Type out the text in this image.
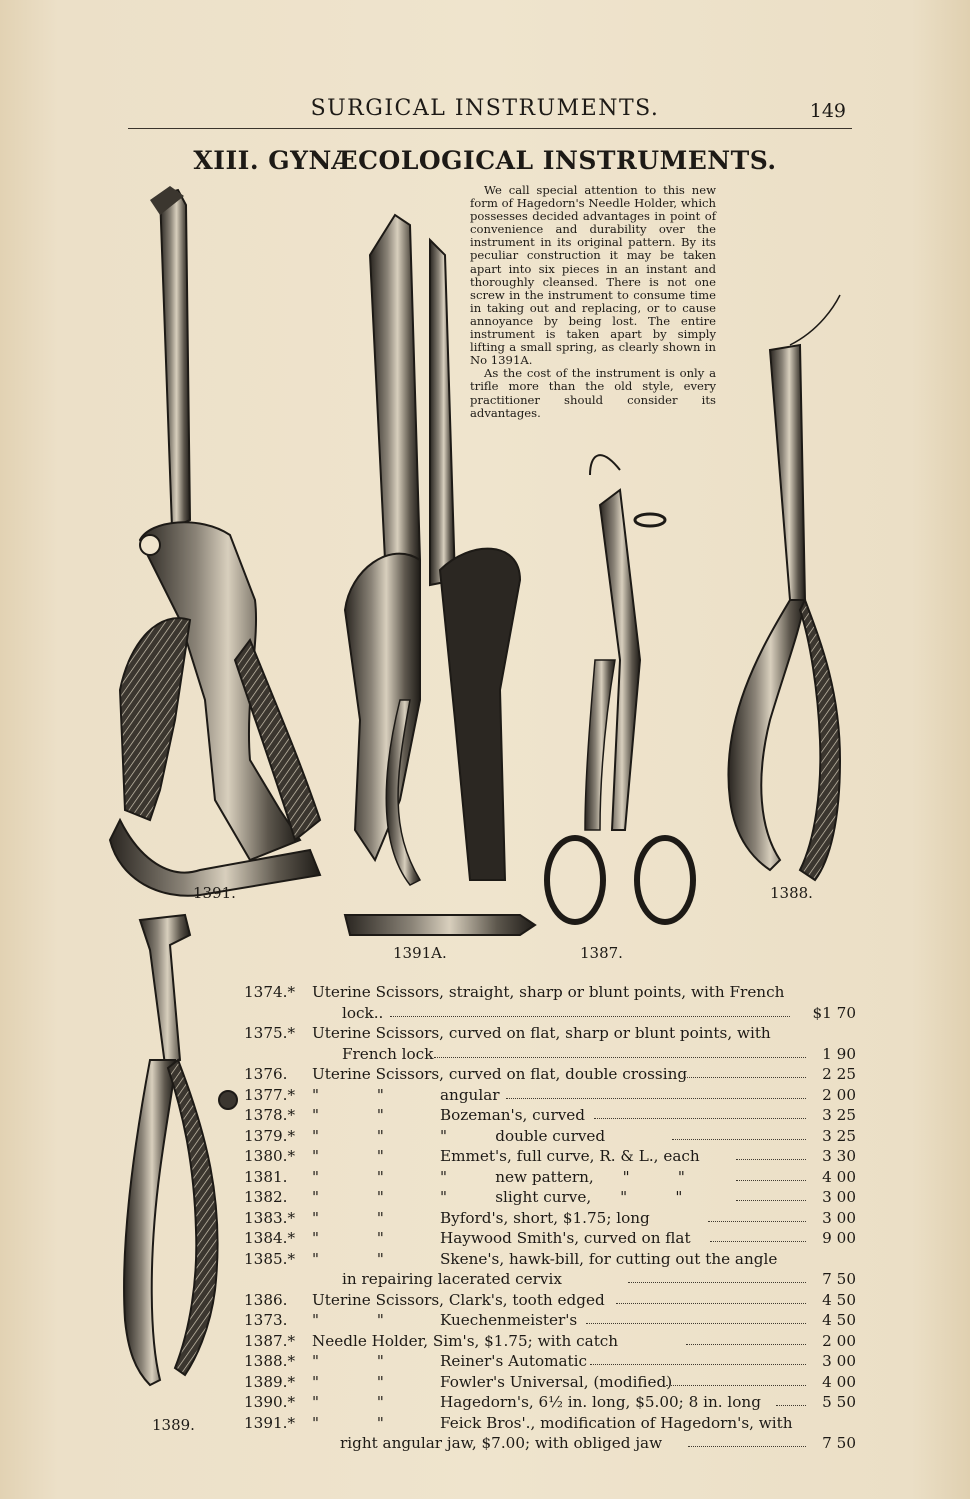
SURGICAL INSTRUMENTS.	149
XIII. GYNÆCOLOGICAL INSTRUMENTS.

We call special attention to this new form of Hagedorn's Needle Holder, which possesses decided advantages in point of convenience and durability over the instrument in its original pattern. By its peculiar construction it may be taken apart into six pieces in an instant and thoroughly cleansed. There is not one screw in the instrument to consume time in taking out and replacing, or to cause annoyance by being lost. The entire instrument is taken apart by simply lifting a small spring, as clearly shown in No 1391A.

As the cost of the instrument is only a trifle more than the old style, every practitioner should consider its advantages.

1391.
1391A.	1387.
1388.
1389.
1374.* Uterine Scissors, straight, sharp or blunt points, with French
lock..	$1 70
1375.* Uterine Scissors, curved on flat, sharp or blunt points, with
French lock	1 90
1376. Uterine Scissors, curved on flat, double crossing	2 25
1377.* "            "	angular	2 00
1378.* "            "	Bozeman's, curved	3 25
1379.* "            "	"          double curved	3 25
1380.* "            "	Emmet's, full curve, R. & L., each	3 30
1381. "            "	"          new pattern,      "          "	4 00
1382. "            "	"          slight curve,      "          "	3 00
1383.* "            "	Byford's, short, $1.75; long	3 00
1384.* "            "	Haywood Smith's, curved on flat	9 00
1385.* "            "	Skene's, hawk-bill, for cutting out the angle
in repairing lacerated cervix	7 50
1386. Uterine Scissors, Clark's, tooth edged	4 50
1373. "            "	Kuechenmeister's	4 50
1387.* Needle Holder, Sim's, $1.75; with catch	2 00
1388.* "            "	Reiner's Automatic	3 00
1389.* "            "	Fowler's Universal, (modified)	4 00
1390.* "            "	Hagedorn's, 6½ in. long, $5.00; 8 in. long	5 50
1391.* "            "	Feick Bros'., modification of Hagedorn's, with
right angular jaw, $7.00; with obliged jaw	7 50
